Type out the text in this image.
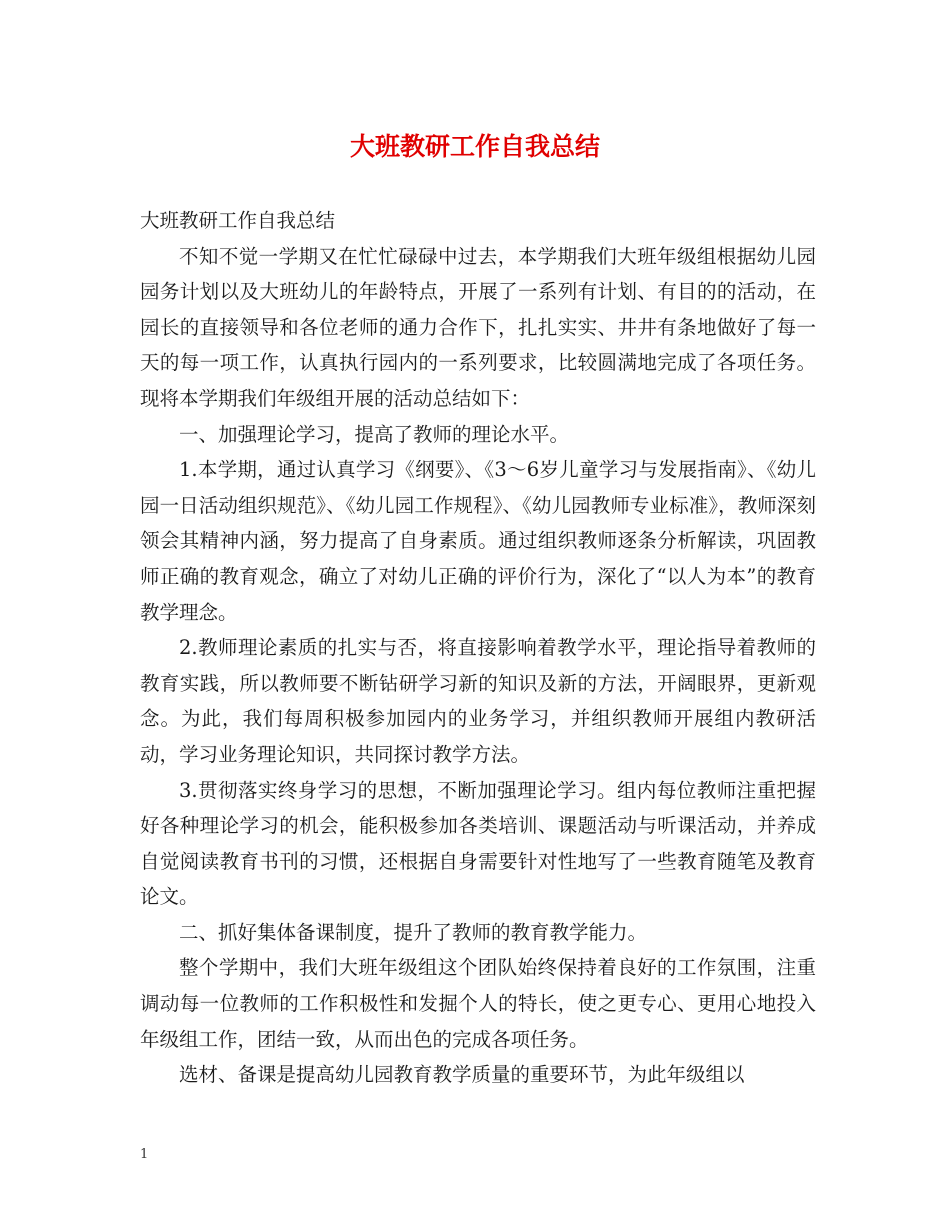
大班教研工作自我总结

大班教研工作自我总结

不知不觉一学期又在忙忙碌碌中过去，本学期我们大班年级组根据幼儿园园务计划以及大班幼儿的年龄特点，开展了一系列有计划、有目的的活动，在园长的直接领导和各位老师的通力合作下，扎扎实实、井井有条地做好了每一天的每一项工作，认真执行园内的一系列要求，比较圆满地完成了各项任务。现将本学期我们年级组开展的活动总结如下：

一、加强理论学习，提高了教师的理论水平。

1.本学期，通过认真学习《纲要》、《3～6岁儿童学习与发展指南》、《幼儿园一日活动组织规范》、《幼儿园工作规程》、《幼儿园教师专业标准》，教师深刻领会其精神内涵，努力提高了自身素质。通过组织教师逐条分析解读，巩固教师正确的教育观念，确立了对幼儿正确的评价行为，深化了“以人为本”的教育教学理念。

2.教师理论素质的扎实与否，将直接影响着教学水平，理论指导着教师的教育实践，所以教师要不断钻研学习新的知识及新的方法，开阔眼界，更新观念。为此，我们每周积极参加园内的业务学习，并组织教师开展组内教研活动，学习业务理论知识，共同探讨教学方法。

3.贯彻落实终身学习的思想，不断加强理论学习。组内每位教师注重把握好各种理论学习的机会，能积极参加各类培训、课题活动与听课活动，并养成自觉阅读教育书刊的习惯，还根据自身需要针对性地写了一些教育随笔及教育论文。

二、抓好集体备课制度，提升了教师的教育教学能力。

整个学期中，我们大班年级组这个团队始终保持着良好的工作氛围，注重调动每一位教师的工作积极性和发掘个人的特长，使之更专心、更用心地投入年级组工作，团结一致，从而出色的完成各项任务。

选材、备课是提高幼儿园教育教学质量的重要环节，为此年级组以

1
